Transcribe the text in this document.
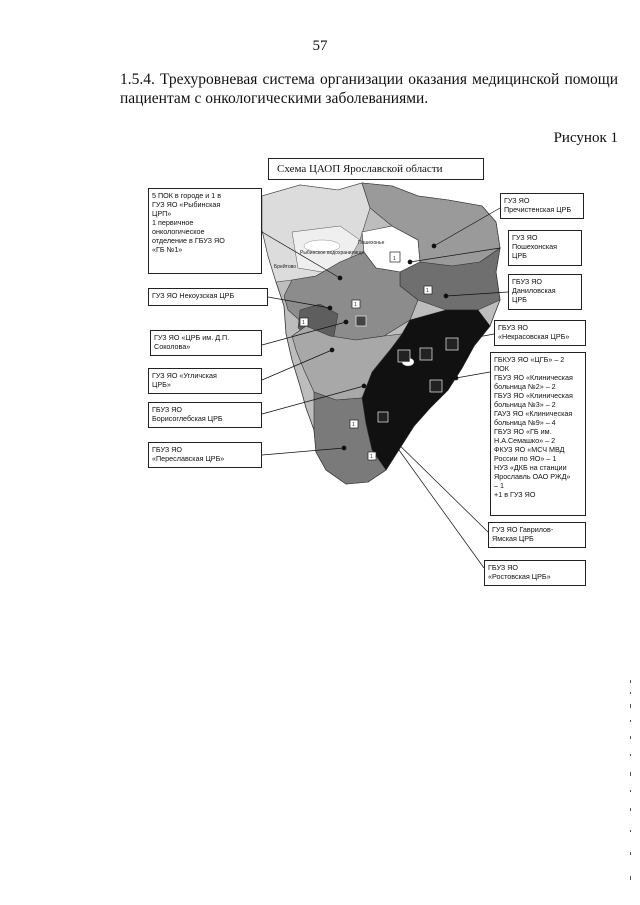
57
1.5.4. Трехуровневая система организации оказания медицинской помощи пациентам с онкологическими заболеваниями.
Рисунок 1
Пошехонье
Рыбинское водохранилище
Брейтово
1
1
1
1
1
1
Схема ЦАОП Ярославской области
5 ПОК в городе и 1 в
ГУЗ ЯО «Рыбинская
ЦРП»
1 первичное
онкологическое
отделение в ГБУЗ ЯО
«ГБ №1»
ГУЗ ЯО Некоузская ЦРБ
ГУЗ ЯО «ЦРБ им. Д.П.
Соколова»
ГУЗ ЯО «Угличская
ЦРБ»
ГБУЗ ЯО
Борисоглебская ЦРБ
ГБУЗ ЯО
«Переславская ЦРБ»
ГУЗ ЯО
Пречистенская ЦРБ
ГУЗ ЯО
Пошехонская
ЦРБ
ГБУЗ ЯО
Даниловская
ЦРБ
ГБУЗ ЯО
«Некрасовская ЦРБ»
ГБКУЗ ЯО «ЦГБ» – 2
ПОК
ГБУЗ ЯО «Клиническая
больница №2» – 2
ГБУЗ ЯО «Клиническая
больница №3» – 2
ГАУЗ ЯО «Клиническая
больница №9» – 4
ГБУЗ ЯО «ГБ им.
Н.А.Семашко» – 2
ФКУЗ ЯО «МСЧ МВД
России по ЯО» – 1
НУЗ «ДКБ на станции
Ярославль ОАО РЖД»
– 1
+1 в ГУЗ ЯО
ГУЗ ЯО Гаврилов-
Ямская ЦРБ
ГБУЗ ЯО
«Ростовская ЦРБ»
